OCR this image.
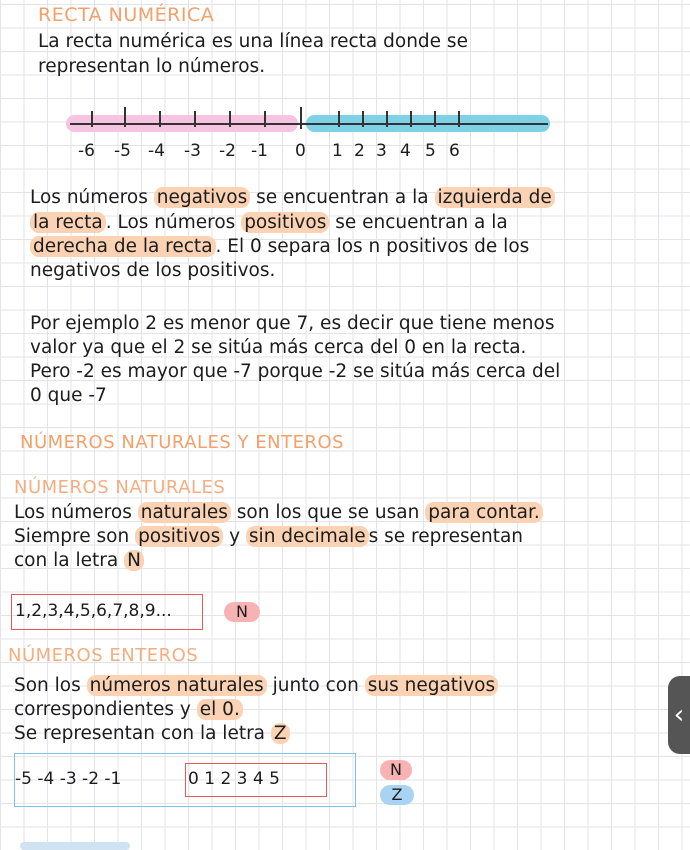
RECTA NUMÉRICA
La recta numérica es una línea recta donde se
representan lo números.
-6 -5 -4 -3 -2 -1 0 1 2 3 4 5 6
Los números negativos se encuentran a la izquierda de
la recta . Los números positivos se encuentran a la
derecha de la recta . El 0 separa los n positivos de los
negativos de los positivos.
Por ejemplo 2 es menor que 7, es decir que tiene menos
valor ya que el 2 se sitúa más cerca del 0 en la recta.
Pero -2 es mayor que -7 porque -2 se sitúa más cerca del
0 que -7
NÚMEROS NATURALES Y ENTEROS
NÚMEROS NATURALES
Los números naturales son los que se usan para contar.
Siempre son positivos y sin decimale s se representan
con la letra N
1,2,3,4,5,6,7,8,9...	N
NÚMEROS ENTEROS
Son los números naturales junto con sus negativos
correspondientes y el 0.
Se representan con la letra Z
-5 -4 -3 -2 -1	0 1 2 3 4 5	N
Z
‹
